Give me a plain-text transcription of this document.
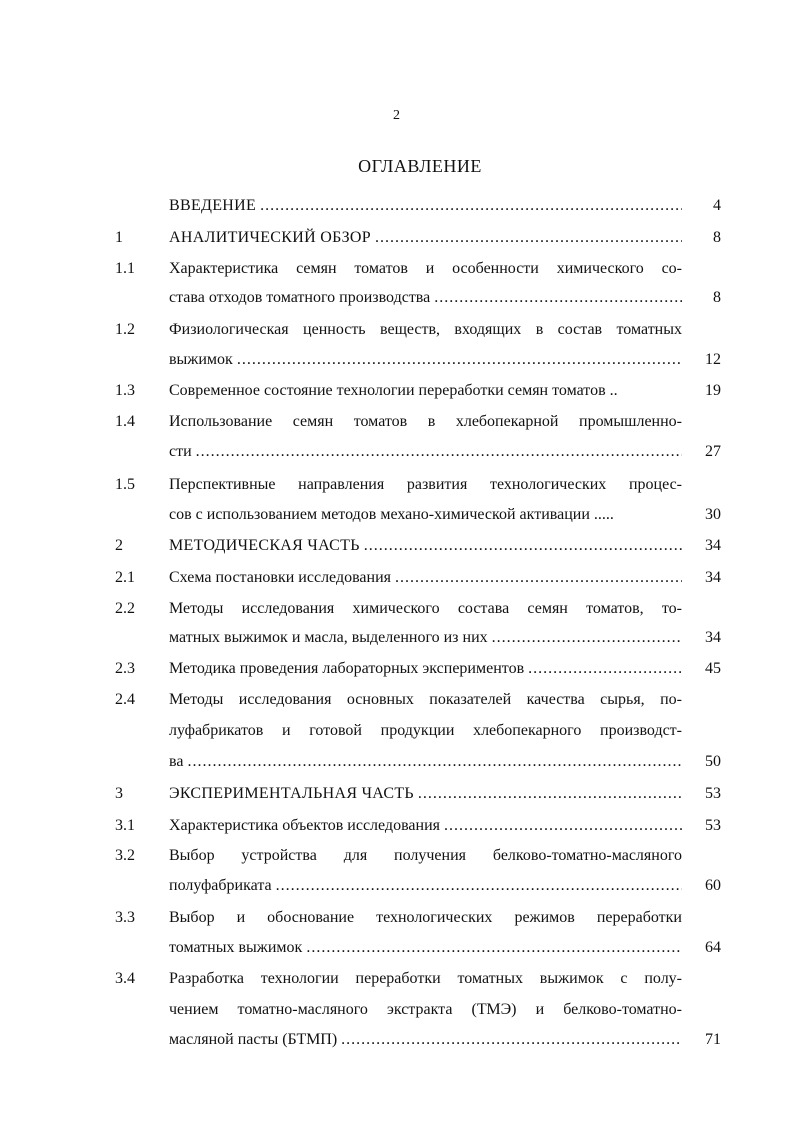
2
ОГЛАВЛЕНИЕ
ВВЕДЕНИЕ .....	4
1	АНАЛИТИЧЕСКИЙ ОБЗОР .....	8
1.1 Характеристика семян томатов и особенности химического со-
става отходов томатного производства .....	8
1.2 Физиологическая ценность веществ, входящих в состав томатных
выжимок .....	12
1.3 Современное состояние технологии переработки семян томатов ..	19
1.4 Использование семян томатов в хлебопекарной промышленно-
сти .....	27
1.5 Перспективные направления развития технологических процес-
сов с использованием методов механо-химической активации .....	30
2	МЕТОДИЧЕСКАЯ ЧАСТЬ .....	34
2.1 Схема постановки исследования .....	34
2.2 Методы исследования химического состава семян томатов, то-
матных выжимок и масла, выделенного из них .....	34
2.3 Методика проведения лабораторных экспериментов .....	45
2.4 Методы исследования основных показателей качества сырья, по-
луфабрикатов и готовой продукции хлебопекарного производст-
ва .....	50
3	ЭКСПЕРИМЕНТАЛЬНАЯ ЧАСТЬ .....	53
3.1 Характеристика объектов исследования .....	53
3.2 Выбор устройства для получения белково-томатно-масляного
полуфабриката .....	60
3.3 Выбор и обоснование технологических режимов переработки
томатных выжимок .....	64
3.4 Разработка технологии переработки томатных выжимок с полу-
чением томатно-масляного экстракта (ТМЭ) и белково-томатно-
масляной пасты (БТМП) .....	71
